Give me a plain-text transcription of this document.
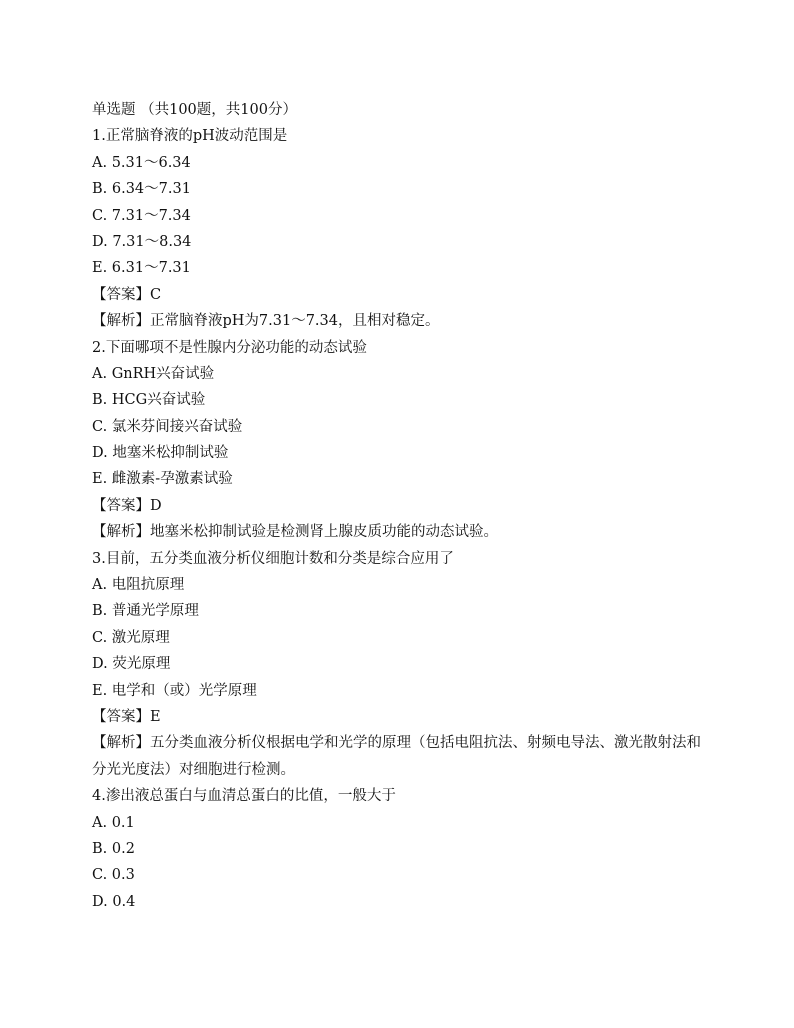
单选题 （共100题，共100分）
1.正常脑脊液的pH波动范围是
A. 5.31～6.34
B. 6.34～7.31
C. 7.31～7.34
D. 7.31～8.34
E. 6.31～7.31
【答案】C
【解析】正常脑脊液pH为7.31～7.34，且相对稳定。
2.下面哪项不是性腺内分泌功能的动态试验
A. GnRH兴奋试验
B. HCG兴奋试验
C. 氯米芬间接兴奋试验
D. 地塞米松抑制试验
E. 雌激素-孕激素试验
【答案】D
【解析】地塞米松抑制试验是检测肾上腺皮质功能的动态试验。
3.目前，五分类血液分析仪细胞计数和分类是综合应用了
A. 电阻抗原理
B. 普通光学原理
C. 激光原理
D. 荧光原理
E. 电学和（或）光学原理
【答案】E
【解析】五分类血液分析仪根据电学和光学的原理（包括电阻抗法、射频电导法、激光散射法和分光光度法）对细胞进行检测。
4.渗出液总蛋白与血清总蛋白的比值，一般大于
A. 0.1
B. 0.2
C. 0.3
D. 0.4
